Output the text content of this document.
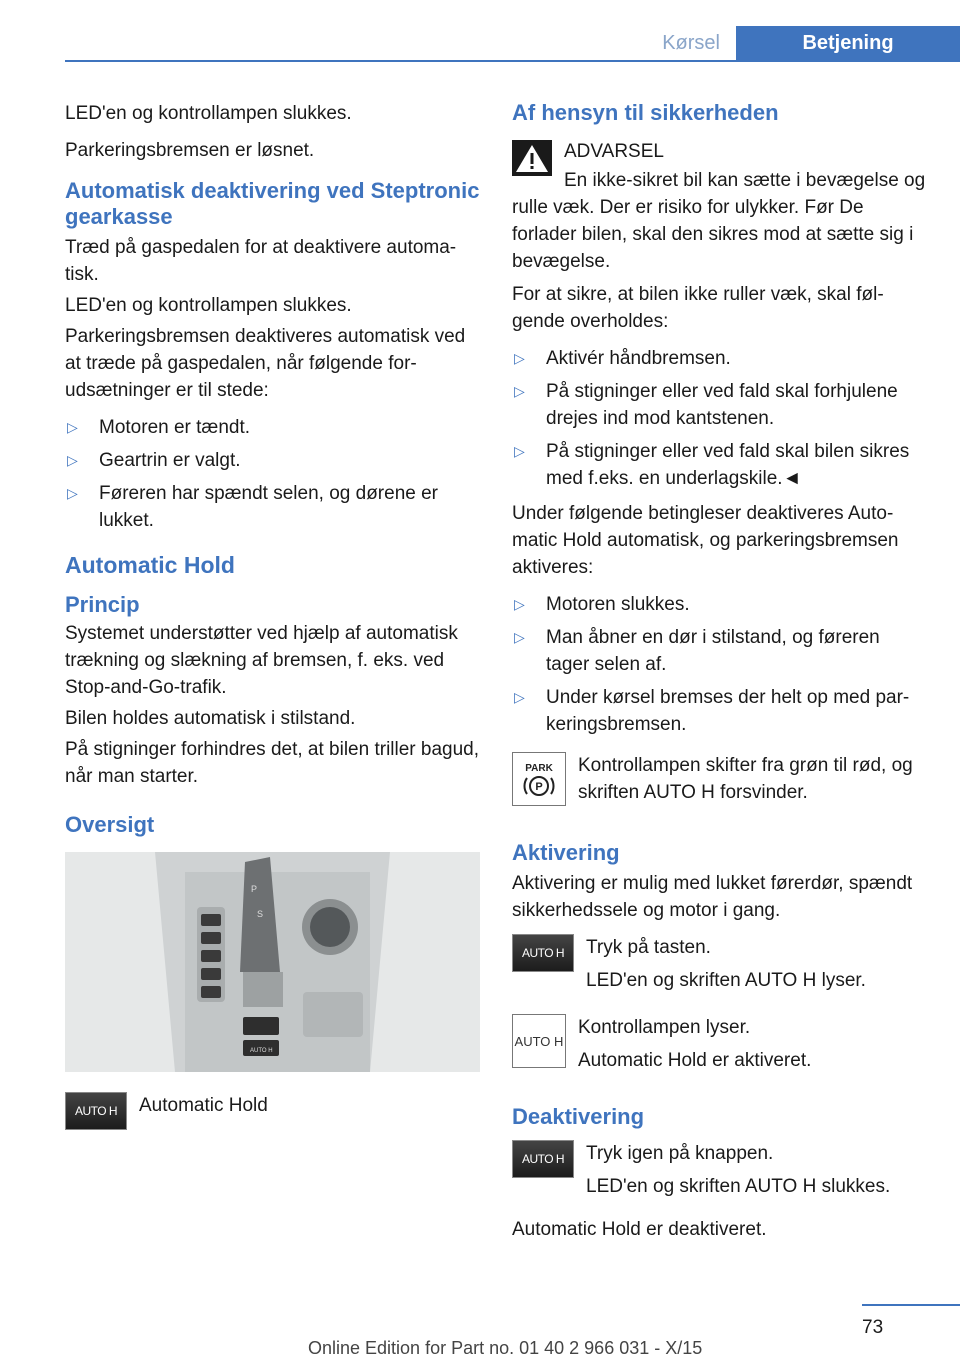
Kørsel	Betjening

LED'en og kontrollampen slukkes.

Parkeringsbremsen er løsnet.

Automatisk deaktivering ved Steptronic gearkasse

Træd på gaspedalen for at deaktivere automa‐tisk.

LED'en og kontrollampen slukkes.

Parkeringsbremsen deaktiveres automatisk ved at træde på gaspedalen, når følgende for‐udsætninger er til stede:

▷ Motoren er tændt.
▷ Geartrin er valgt.
▷ Føreren har spændt selen, og dørene er lukket.
Automatic Hold
Princip

Systemet understøtter ved hjælp af automatisk trækning og slækning af bremsen, f. eks. ved Stop-and-Go-trafik.

Bilen holdes automatisk i stilstand.

På stigninger forhindres det, at bilen triller bagud, når man starter.

Oversigt
S
P
AUTO H
AUTO H	Automatic Hold

Af hensyn til sikkerheden

ADVARSEL

En ikke-sikret bil kan sætte i bevægelse og rulle væk. Der er risiko for ulykker. Før De forlader bilen, skal den sikres mod at sætte sig i bevægelse.

For at sikre, at bilen ikke ruller væk, skal føl‐gende overholdes:

▷ Aktivér håndbremsen.
▷ På stigninger eller ved fald skal forhjulene drejes ind mod kantstenen.
▷ På stigninger eller ved fald skal bilen sikres med f.eks. en underlagskile.◄

Under følgende betingleser deaktiveres Auto‐matic Hold automatisk, og parkeringsbremsen aktiveres:

▷ Motoren slukkes.
▷ Man åbner en dør i stilstand, og føreren tager selen af.
▷ Under kørsel bremses der helt op med par‐keringsbremsen.
PARK
P

Kontrollampen skifter fra grøn til rød, og skriften AUTO H forsvinder.

Aktivering

Aktivering er mulig med lukket førerdør, spændt sikkerhedssele og motor i gang.

AUTO H	Tryk på tasten.

LED'en og skriften AUTO H lyser.

AUTO H

Kontrollampen lyser.

Automatic Hold er aktiveret.

Deaktivering
AUTO H	Tryk igen på knappen.

LED'en og skriften AUTO H slukkes.

Automatic Hold er deaktiveret.

73
Online Edition for Part no. 01 40 2 966 031 - X/15
